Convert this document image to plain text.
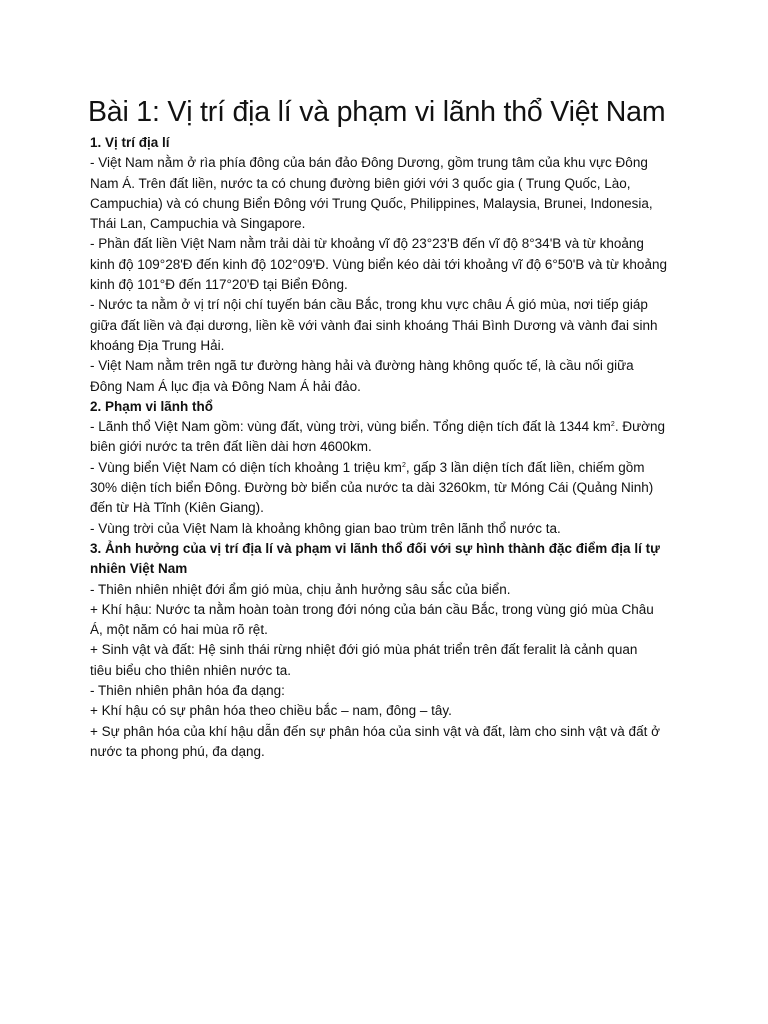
Bài 1: Vị trí địa lí và phạm vi lãnh thổ Việt Nam

1. Vị trí địa lí

- Việt Nam nằm ở rìa phía đông của bán đảo Đông Dương, gồm trung tâm của khu vực Đông
Nam Á. Trên đất liền, nước ta có chung đường biên giới với 3 quốc gia ( Trung Quốc, Lào,
Campuchia) và có chung Biển Đông với Trung Quốc, Philippines, Malaysia, Brunei, Indonesia,
Thái Lan, Campuchia và Singapore.

- Phần đất liền Việt Nam nằm trải dài từ khoảng vĩ độ 23°23'B đến vĩ độ 8°34'B và từ khoảng
kinh độ 109°28'Đ đến kinh độ 102°09'Đ. Vùng biển kéo dài tới khoảng vĩ độ 6°50'B và từ khoảng
kinh độ 101°Đ đến 117°20'Đ tại Biển Đông.

- Nước ta nằm ở vị trí nội chí tuyến bán cầu Bắc, trong khu vực châu Á gió mùa, nơi tiếp giáp
giữa đất liền và đại dương, liền kề với vành đai sinh khoáng Thái Bình Dương và vành đai sinh
khoáng Địa Trung Hải.

- Việt Nam nằm trên ngã tư đường hàng hải và đường hàng không quốc tế, là cầu nối giữa
Đông Nam Á lục địa và Đông Nam Á hải đảo.

2. Phạm vi lãnh thổ

- Lãnh thổ Việt Nam gồm: vùng đất, vùng trời, vùng biển. Tổng diện tích đất là 1344 $km^2$. Đường
biên giới nước ta trên đất liền dài hơn 4600km.

- Vùng biển Việt Nam có diện tích khoảng 1 triệu $km^2$, gấp 3 lần diện tích đất liền, chiếm gồm
30% diện tích biển Đông. Đường bờ biển của nước ta dài 3260km, từ Móng Cái (Quảng Ninh)
đến từ Hà Tĩnh (Kiên Giang).

- Vùng trời của Việt Nam là khoảng không gian bao trùm trên lãnh thổ nước ta.

3. Ảnh hưởng của vị trí địa lí và phạm vi lãnh thổ đối với sự hình thành đặc điểm địa lí tự
nhiên Việt Nam

- Thiên nhiên nhiệt đới ẩm gió mùa, chịu ảnh hưởng sâu sắc của biển.

+ Khí hậu: Nước ta nằm hoàn toàn trong đới nóng của bán cầu Bắc, trong vùng gió mùa Châu
Á, một năm có hai mùa rõ rệt.

+ Sinh vật và đất: Hệ sinh thái rừng nhiệt đới gió mùa phát triển trên đất feralit là cảnh quan
tiêu biểu cho thiên nhiên nước ta.

- Thiên nhiên phân hóa đa dạng:

+ Khí hậu có sự phân hóa theo chiều bắc – nam, đông – tây.

+ Sự phân hóa của khí hậu dẫn đến sự phân hóa của sinh vật và đất, làm cho sinh vật và đất ở
nước ta phong phú, đa dạng.
